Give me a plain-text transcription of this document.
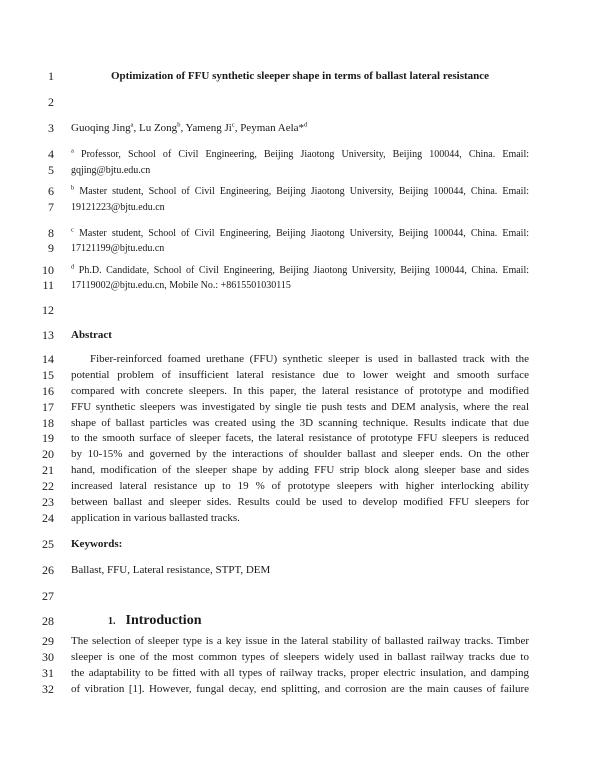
1
2
3
4
5
6
7
8
9
10
11
12
13
14
15
16
17
18
19
20
21
22
23
24
25
26
27
28
29
30
31
32
Optimization of FFU synthetic sleeper shape in terms of ballast lateral resistance
Guoqing Jing$^a$, Lu Zong$^b$, Yameng Ji$^c$, Peyman Aela*$^d$
$^a$ Professor, School of Civil Engineering, Beijing Jiaotong University, Beijing 100044, China. Email:
gqjing@bjtu.edu.cn
$^b$ Master student, School of Civil Engineering, Beijing Jiaotong University, Beijing 100044, China. Email:
19121223@bjtu.edu.cn
$^c$ Master student, School of Civil Engineering, Beijing Jiaotong University, Beijing 100044, China. Email:
17121199@bjtu.edu.cn
$^d$ Ph.D. Candidate, School of Civil Engineering, Beijing Jiaotong University, Beijing 100044, China. Email:
17119002@bjtu.edu.cn, Mobile No.: +8615501030115
Abstract
Fiber-reinforced foamed urethane (FFU) synthetic sleeper is used in ballasted track with the
potential problem of insufficient lateral resistance due to lower weight and smooth surface
compared with concrete sleepers. In this paper, the lateral resistance of prototype and modified
FFU synthetic sleepers was investigated by single tie push tests and DEM analysis, where the real
shape of ballast particles was created using the 3D scanning technique. Results indicate that due
to the smooth surface of sleeper facets, the lateral resistance of prototype FFU sleepers is reduced
by 10-15% and governed by the interactions of shoulder ballast and sleeper ends. On the other
hand, modification of the sleeper shape by adding FFU strip block along sleeper base and sides
increased lateral resistance up to 19 % of prototype sleepers with higher interlocking ability
between ballast and sleeper sides. Results could be used to develop modified FFU sleepers for
application in various ballasted tracks.
Keywords:
Ballast, FFU, Lateral resistance, STPT, DEM
1. Introduction
The selection of sleeper type is a key issue in the lateral stability of ballasted railway tracks. Timber
sleeper is one of the most common types of sleepers widely used in ballast railway tracks due to
the adaptability to be fitted with all types of railway tracks, proper electric insulation, and damping
of vibration [1]. However, fungal decay, end splitting, and corrosion are the main causes of failure
